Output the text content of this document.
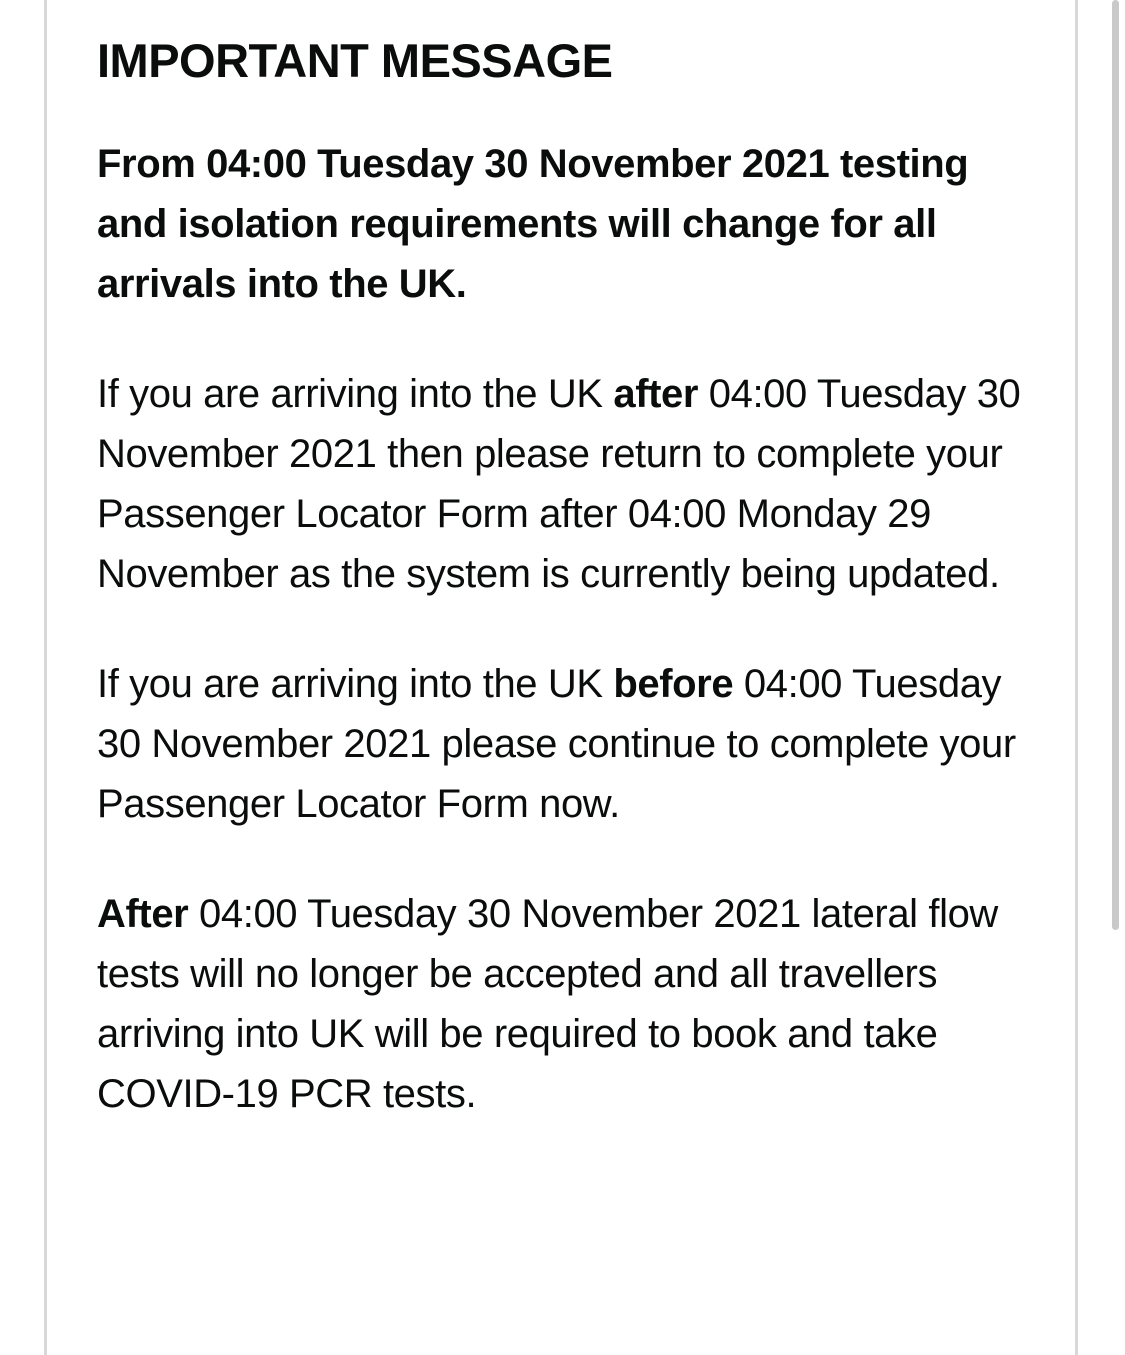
IMPORTANT MESSAGE

From 04:00 Tuesday 30 November 2021 testing and isolation requirements will change for all arrivals into the UK.

If you are arriving into the UK after 04:00 Tuesday 30 November 2021 then please return to complete your Passenger Locator Form after 04:00 Monday 29 November as the system is currently being updated.

If you are arriving into the UK before 04:00 Tuesday 30 November 2021 please continue to complete your Passenger Locator Form now.

After 04:00 Tuesday 30 November 2021 lateral flow tests will no longer be accepted and all travellers arriving into UK will be required to book and take COVID-19 PCR tests.
